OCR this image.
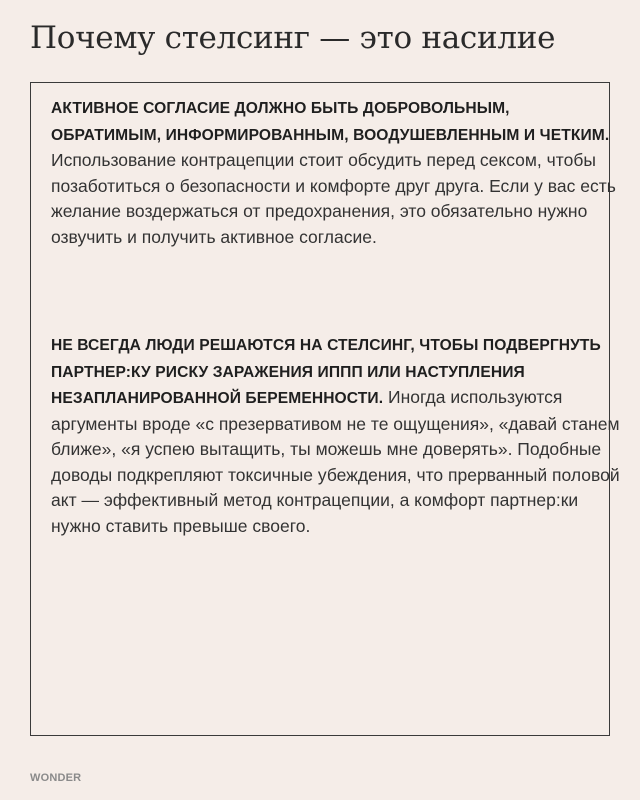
Почему стелсинг — это насилие

АКТИВНОЕ СОГЛАСИЕ ДОЛЖНО БЫТЬ ДОБРОВОЛЬНЫМ, ОБРАТИМЫМ, ИНФОРМИРОВАННЫМ, ВООДУШЕВЛЕННЫМ И ЧЕТКИМ. Использование контрацепции стоит обсудить перед сексом, чтобы позаботиться о безопасности и комфорте друг друга. Если у вас есть желание воздержаться от предохранения, это обязательно нужно озвучить и получить активное согласие.

НЕ ВСЕГДА ЛЮДИ РЕШАЮТСЯ НА СТЕЛСИНГ, ЧТОБЫ ПОДВЕРГНУТЬ ПАРТНЕР:КУ РИСКУ ЗАРАЖЕНИЯ ИППП ИЛИ НАСТУПЛЕНИЯ НЕЗАПЛАНИРОВАННОЙ БЕРЕМЕННОСТИ. Иногда используются аргументы вроде «с презервативом не те ощущения», «давай станем ближе», «я успею вытащить, ты можешь мне доверять». Подобные доводы подкрепляют токсичные убеждения, что прерванный половой акт — эффективный метод контрацепции, а комфорт партнер:ки нужно ставить превыше своего.

WONDER
